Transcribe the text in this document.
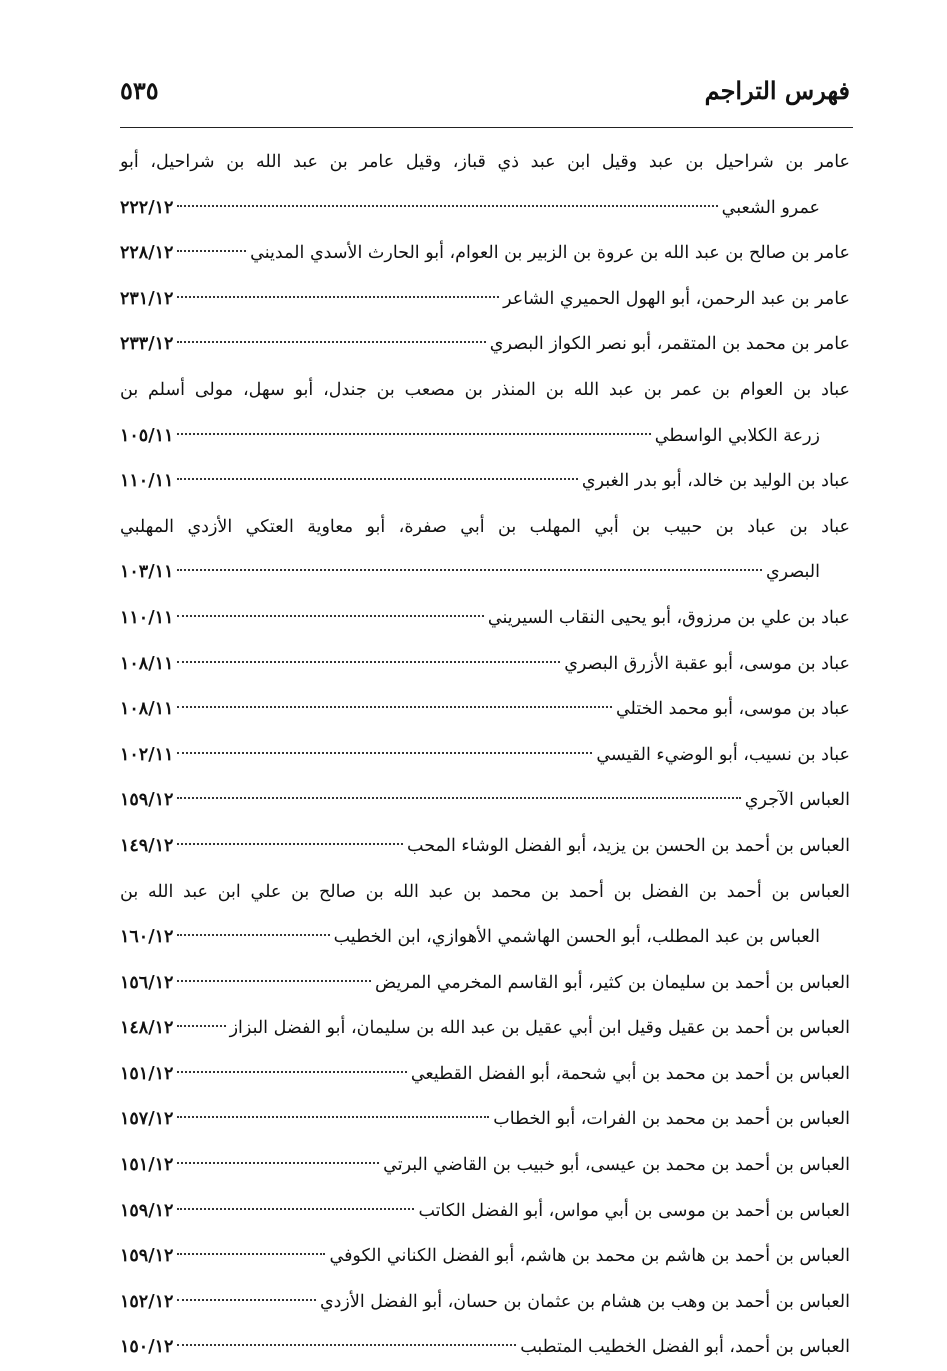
فهرس التراجم
٥٣٥
عامر بن شراحيل بن عبد وقيل ابن عبد ذي قباز، وقيل عامر بن عبد الله بن شراحيل، أبو
عمرو الشعبي
٢٢٢/١٢
عامر بن صالح بن عبد الله بن عروة بن الزبير بن العوام، أبو الحارث الأسدي المديني
٢٢٨/١٢
عامر بن عبد الرحمن، أبو الهول الحميري الشاعر
٢٣١/١٢
عامر بن محمد بن المتقمر، أبو نصر الكواز البصري
٢٣٣/١٢
عباد بن العوام بن عمر بن عبد الله بن المنذر بن مصعب بن جندل، أبو سهل، مولى أسلم بن
زرعة الكلابي الواسطي
١٠٥/١١
عباد بن الوليد بن خالد، أبو بدر الغبري
١١٠/١١
عباد بن عباد بن حبيب بن أبي المهلب بن أبي صفرة، أبو معاوية العتكي الأزدي المهلبي
البصري
١٠٣/١١
عباد بن علي بن مرزوق، أبو يحيى النقاب السيريني
١١٠/١١
عباد بن موسى، أبو عقبة الأزرق البصري
١٠٨/١١
عباد بن موسى، أبو محمد الختلي
١٠٨/١١
عباد بن نسيب، أبو الوضيء القيسي
١٠٢/١١
العباس الآجري
١٥٩/١٢
العباس بن أحمد بن الحسن بن يزيد، أبو الفضل الوشاء المحب
١٤٩/١٢
العباس بن أحمد بن الفضل بن أحمد بن محمد بن عبد الله بن صالح بن علي ابن عبد الله بن
العباس بن عبد المطلب، أبو الحسن الهاشمي الأهوازي، ابن الخطيب
١٦٠/١٢
العباس بن أحمد بن سليمان بن كثير، أبو القاسم المخرمي المريض
١٥٦/١٢
العباس بن أحمد بن عقيل وقيل ابن أبي عقيل بن عبد الله بن سليمان، أبو الفضل البزاز
١٤٨/١٢
العباس بن أحمد بن محمد بن أبي شحمة، أبو الفضل القطيعي
١٥١/١٢
العباس بن أحمد بن محمد بن الفرات، أبو الخطاب
١٥٧/١٢
العباس بن أحمد بن محمد بن عيسى، أبو خبيب بن القاضي البرتي
١٥١/١٢
العباس بن أحمد بن موسى بن أبي مواس، أبو الفضل الكاتب
١٥٩/١٢
العباس بن أحمد بن هاشم بن محمد بن هاشم، أبو الفضل الكناني الكوفي
١٥٩/١٢
العباس بن أحمد بن وهب بن هشام بن عثمان بن حسان، أبو الفضل الأزدي
١٥٢/١٢
العباس بن أحمد، أبو الفضل الخطيب المتطبب
١٥٠/١٢
